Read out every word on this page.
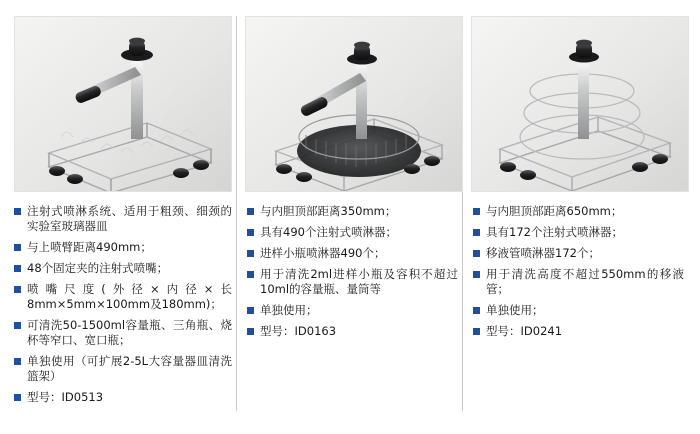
注射式喷淋系统、适用于粗颈、细颈的实验室玻璃器皿
与上喷臂距离490mm；
48个固定夹的注射式喷嘴；
喷嘴尺度(外径×内径×长8mm×5mm×100mm及180mm)；
可清洗50-1500ml容量瓶、三角瓶、烧杯等窄口、宽口瓶；
单独使用（可扩展2-5L大容量器皿清洗篮架）
型号：ID0513
与内胆顶部距离350mm；
具有490个注射式喷淋器；
进样小瓶喷淋器490个；
用于清洗2ml进样小瓶及容积不超过10ml的容量瓶、量筒等
单独使用；
型号：ID0163
与内胆顶部距离650mm；
具有172个注射式喷淋器；
移液管喷淋器172个；
用于清洗高度不超过550mm的移液管；
单独使用；
型号：ID0241
